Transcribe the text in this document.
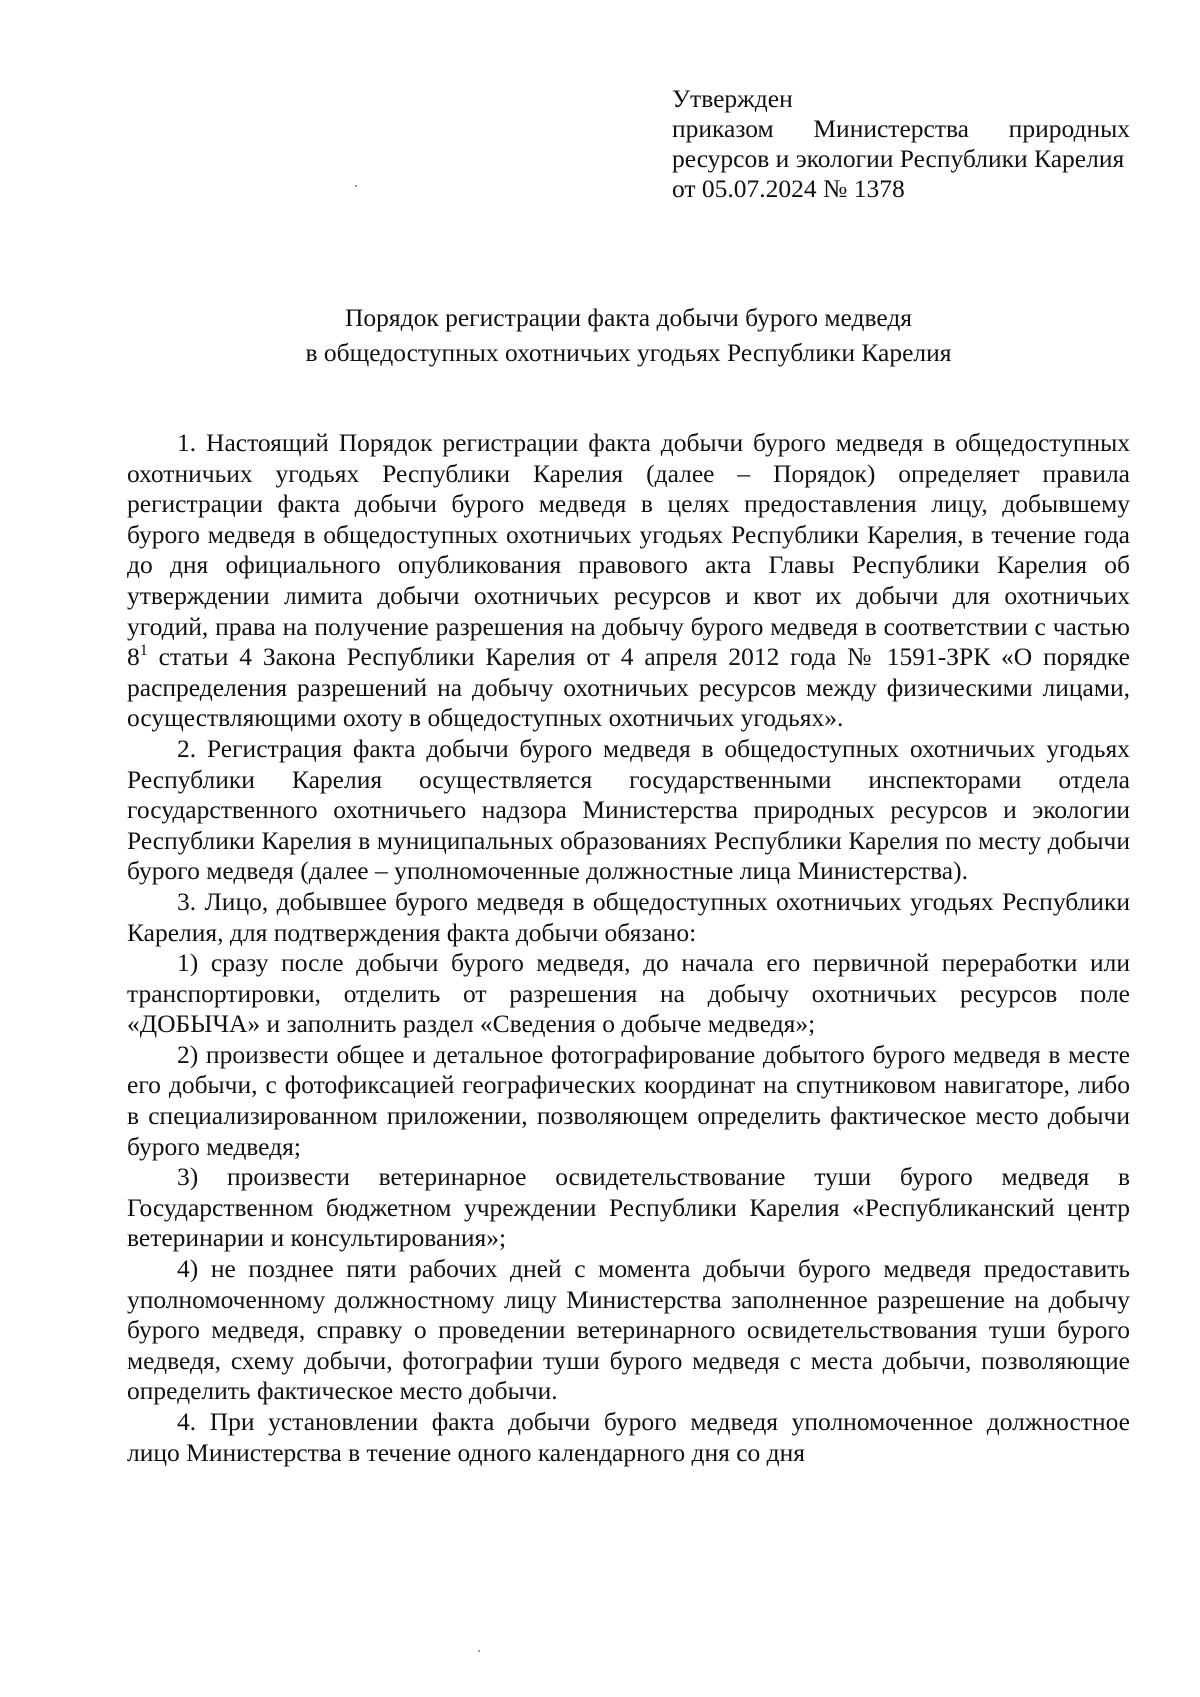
Утвержден
приказом Министерства природных
ресурсов и экологии Республики Карелия
от 05.07.2024 № 1378
Порядок регистрации факта добычи бурого медведя
в общедоступных охотничьих угодьях Республики Карелия

1. Настоящий Порядок регистрации факта добычи бурого медведя в общедоступных охотничьих угодьях Республики Карелия (далее – Порядок) определяет правила регистрации факта добычи бурого медведя в целях предоставления лицу, добывшему бурого медведя в общедоступных охотничьих угодьях Республики Карелия, в течение года до дня официального опубликования правового акта Главы Республики Карелия об утверждении лимита добычи охотничьих ресурсов и квот их добычи для охотничьих угодий, права на получение разрешения на добычу бурого медведя в соответствии с частью $8^1$ статьи 4 Закона Республики Карелия от 4 апреля 2012 года № 1591-ЗРК «О порядке распределения разрешений на добычу охотничьих ресурсов между физическими лицами, осуществляющими охоту в общедоступных охотничьих угодьях».

2. Регистрация факта добычи бурого медведя в общедоступных охотничьих угодьях Республики Карелия осуществляется государственными инспекторами отдела государственного охотничьего надзора Министерства природных ресурсов и экологии Республики Карелия в муниципальных образованиях Республики Карелия по месту добычи бурого медведя (далее – уполномоченные должностные лица Министерства).

3. Лицо, добывшее бурого медведя в общедоступных охотничьих угодьях Республики Карелия, для подтверждения факта добычи обязано:

1) сразу после добычи бурого медведя, до начала его первичной переработки или транспортировки, отделить от разрешения на добычу охотничьих ресурсов поле «ДОБЫЧА» и заполнить раздел «Сведения о добыче медведя»;

2) произвести общее и детальное фотографирование добытого бурого медведя в месте его добычи, с фотофиксацией географических координат на спутниковом навигаторе, либо в специализированном приложении, позволяющем определить фактическое место добычи бурого медведя;

3) произвести ветеринарное освидетельствование туши бурого медведя в Государственном бюджетном учреждении Республики Карелия «Республиканский центр ветеринарии и консультирования»;

4) не позднее пяти рабочих дней с момента добычи бурого медведя предоставить уполномоченному должностному лицу Министерства заполненное разрешение на добычу бурого медведя, справку о проведении ветеринарного освидетельствования туши бурого медведя, схему добычи, фотографии туши бурого медведя с места добычи, позволяющие определить фактическое место добычи.

4. При установлении факта добычи бурого медведя уполномоченное должностное лицо Министерства в течение одного календарного дня со дня
